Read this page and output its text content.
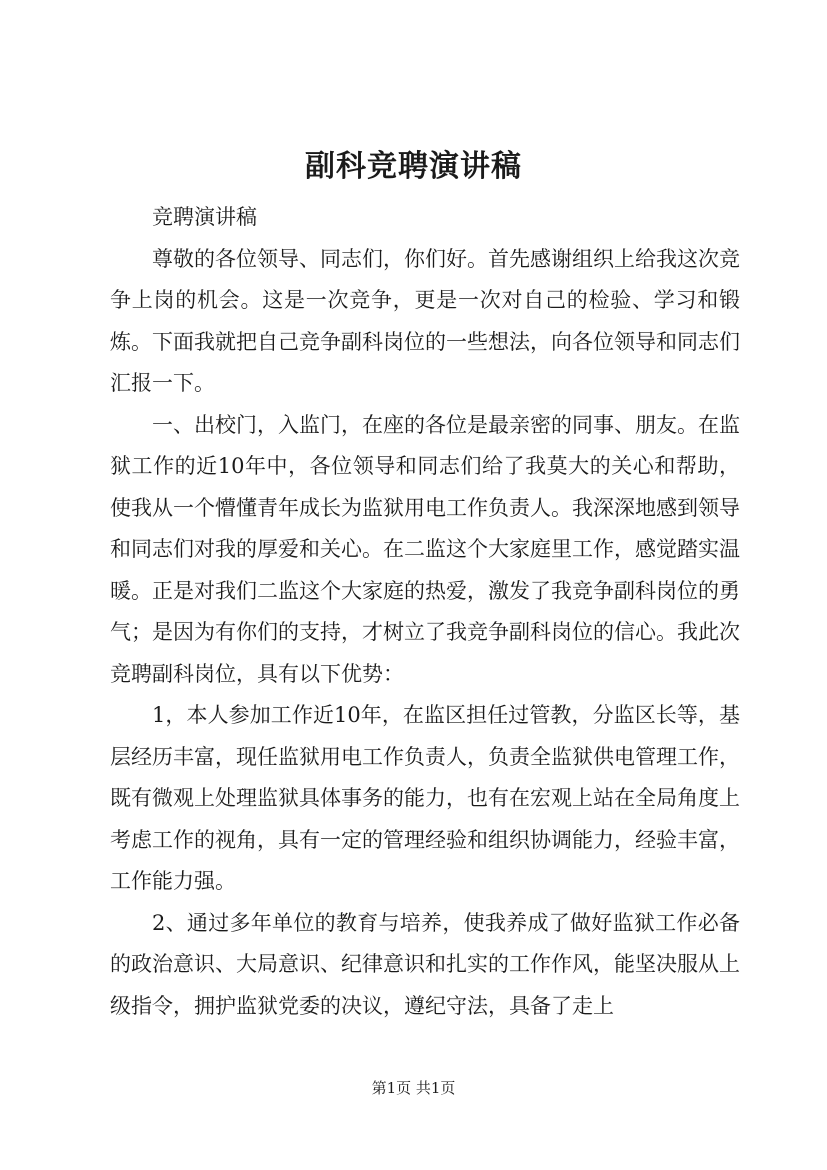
副科竞聘演讲稿

竞聘演讲稿

尊敬的各位领导、同志们，你们好。首先感谢组织上给我这次竞争上岗的机会。这是一次竞争，更是一次对自己的检验、学习和锻炼。下面我就把自己竞争副科岗位的一些想法，向各位领导和同志们汇报一下。

一、出校门，入监门，在座的各位是最亲密的同事、朋友。在监狱工作的近10年中，各位领导和同志们给了我莫大的关心和帮助，使我从一个懵懂青年成长为监狱用电工作负责人。我深深地感到领导和同志们对我的厚爱和关心。在二监这个大家庭里工作，感觉踏实温暖。正是对我们二监这个大家庭的热爱，激发了我竞争副科岗位的勇气；是因为有你们的支持，才树立了我竞争副科岗位的信心。我此次竞聘副科岗位，具有以下优势：

1，本人参加工作近10年，在监区担任过管教，分监区长等，基层经历丰富，现任监狱用电工作负责人，负责全监狱供电管理工作，既有微观上处理监狱具体事务的能力，也有在宏观上站在全局角度上考虑工作的视角，具有一定的管理经验和组织协调能力，经验丰富，工作能力强。

2、通过多年单位的教育与培养，使我养成了做好监狱工作必备的政治意识、大局意识、纪律意识和扎实的工作作风，能坚决服从上级指令，拥护监狱党委的决议，遵纪守法，具备了走上

第1页 共1页
